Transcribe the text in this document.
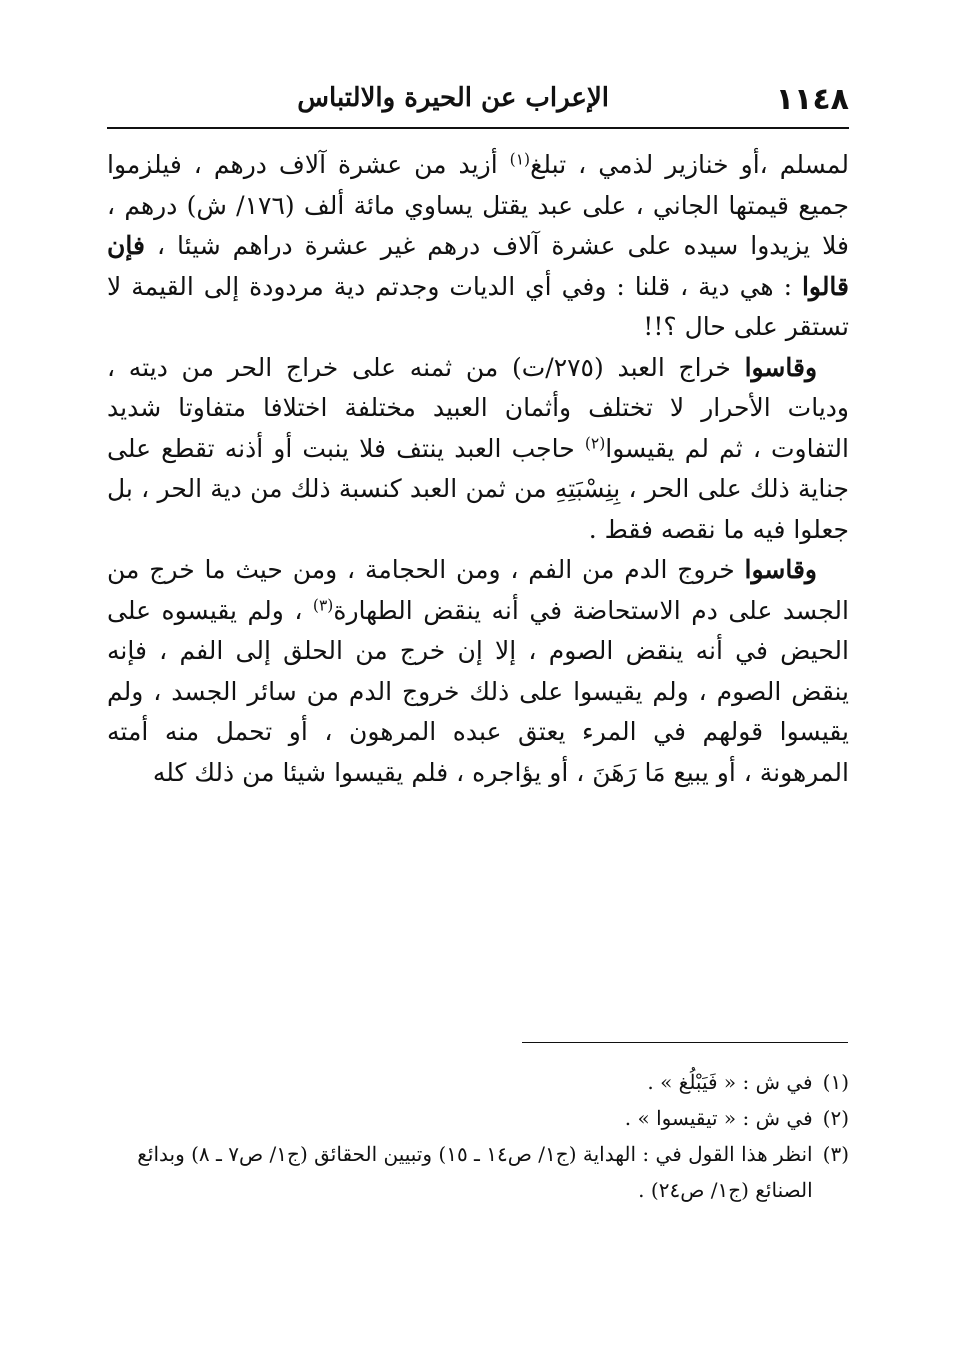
١١٤٨
الإعراب عن الحيرة والالتباس

لمسلم ،أو خنازير لذمي ، تبلغ$^{(١)}$ أزيد من عشرة آلاف درهم ، فيلزموا جميع قيمتها الجاني ، على عبد يقتل يساوي مائة ألف (١٧٦/ ش) درهم ، فلا يزيدوا سيده على عشرة آلاف درهم غير عشرة دراهم شيئا ، فإن قالوا : هي دية ، قلنا : وفي أي الديات وجدتم دية مردودة إلى القيمة لا تستقر على حال ؟!!

وقاسوا خراج العبد (٢٧٥/ت) من ثمنه على خراج الحر من ديته ، وديات الأحرار لا تختلف وأثمان العبيد مختلفة اختلافا متفاوتا شديد التفاوت ، ثم لم يقيسوا$^{(٢)}$ حاجب العبد ينتف فلا ينبت أو أذنه تقطع على جناية ذلك على الحر ، بِنِسْبَتِهِ من ثمن العبد كنسبة ذلك من دية الحر ، بل جعلوا فيه ما نقصه فقط .

وقاسوا خروج الدم من الفم ، ومن الحجامة ، ومن حيث ما خرج من الجسد على دم الاستحاضة في أنه ينقض الطهارة$^{(٣)}$ ، ولم يقيسوه على الحيض في أنه ينقض الصوم ، إلا إن خرج من الحلق إلى الفم ، فإنه ينقض الصوم ، ولم يقيسوا على ذلك خروج الدم من سائر الجسد ، ولم يقيسوا قولهم في المرء يعتق عبده المرهون ، أو تحمل منه أمته المرهونة ، أو يبيع مَا رَهَنَ ، أو يؤاجره ، فلم يقيسوا شيئا من ذلك كله

(١)
في ش : « فَيَبْلُغ » .
(٢)
في ش : « تيقيسوا » .
(٣)
انظر هذا القول في : الهداية (ج١/ ص١٤ ـ ١٥) وتبيين الحقائق (ج١/ ص٧ ـ ٨) وبدائع الصنائع (ج١/ ص٢٤) .
